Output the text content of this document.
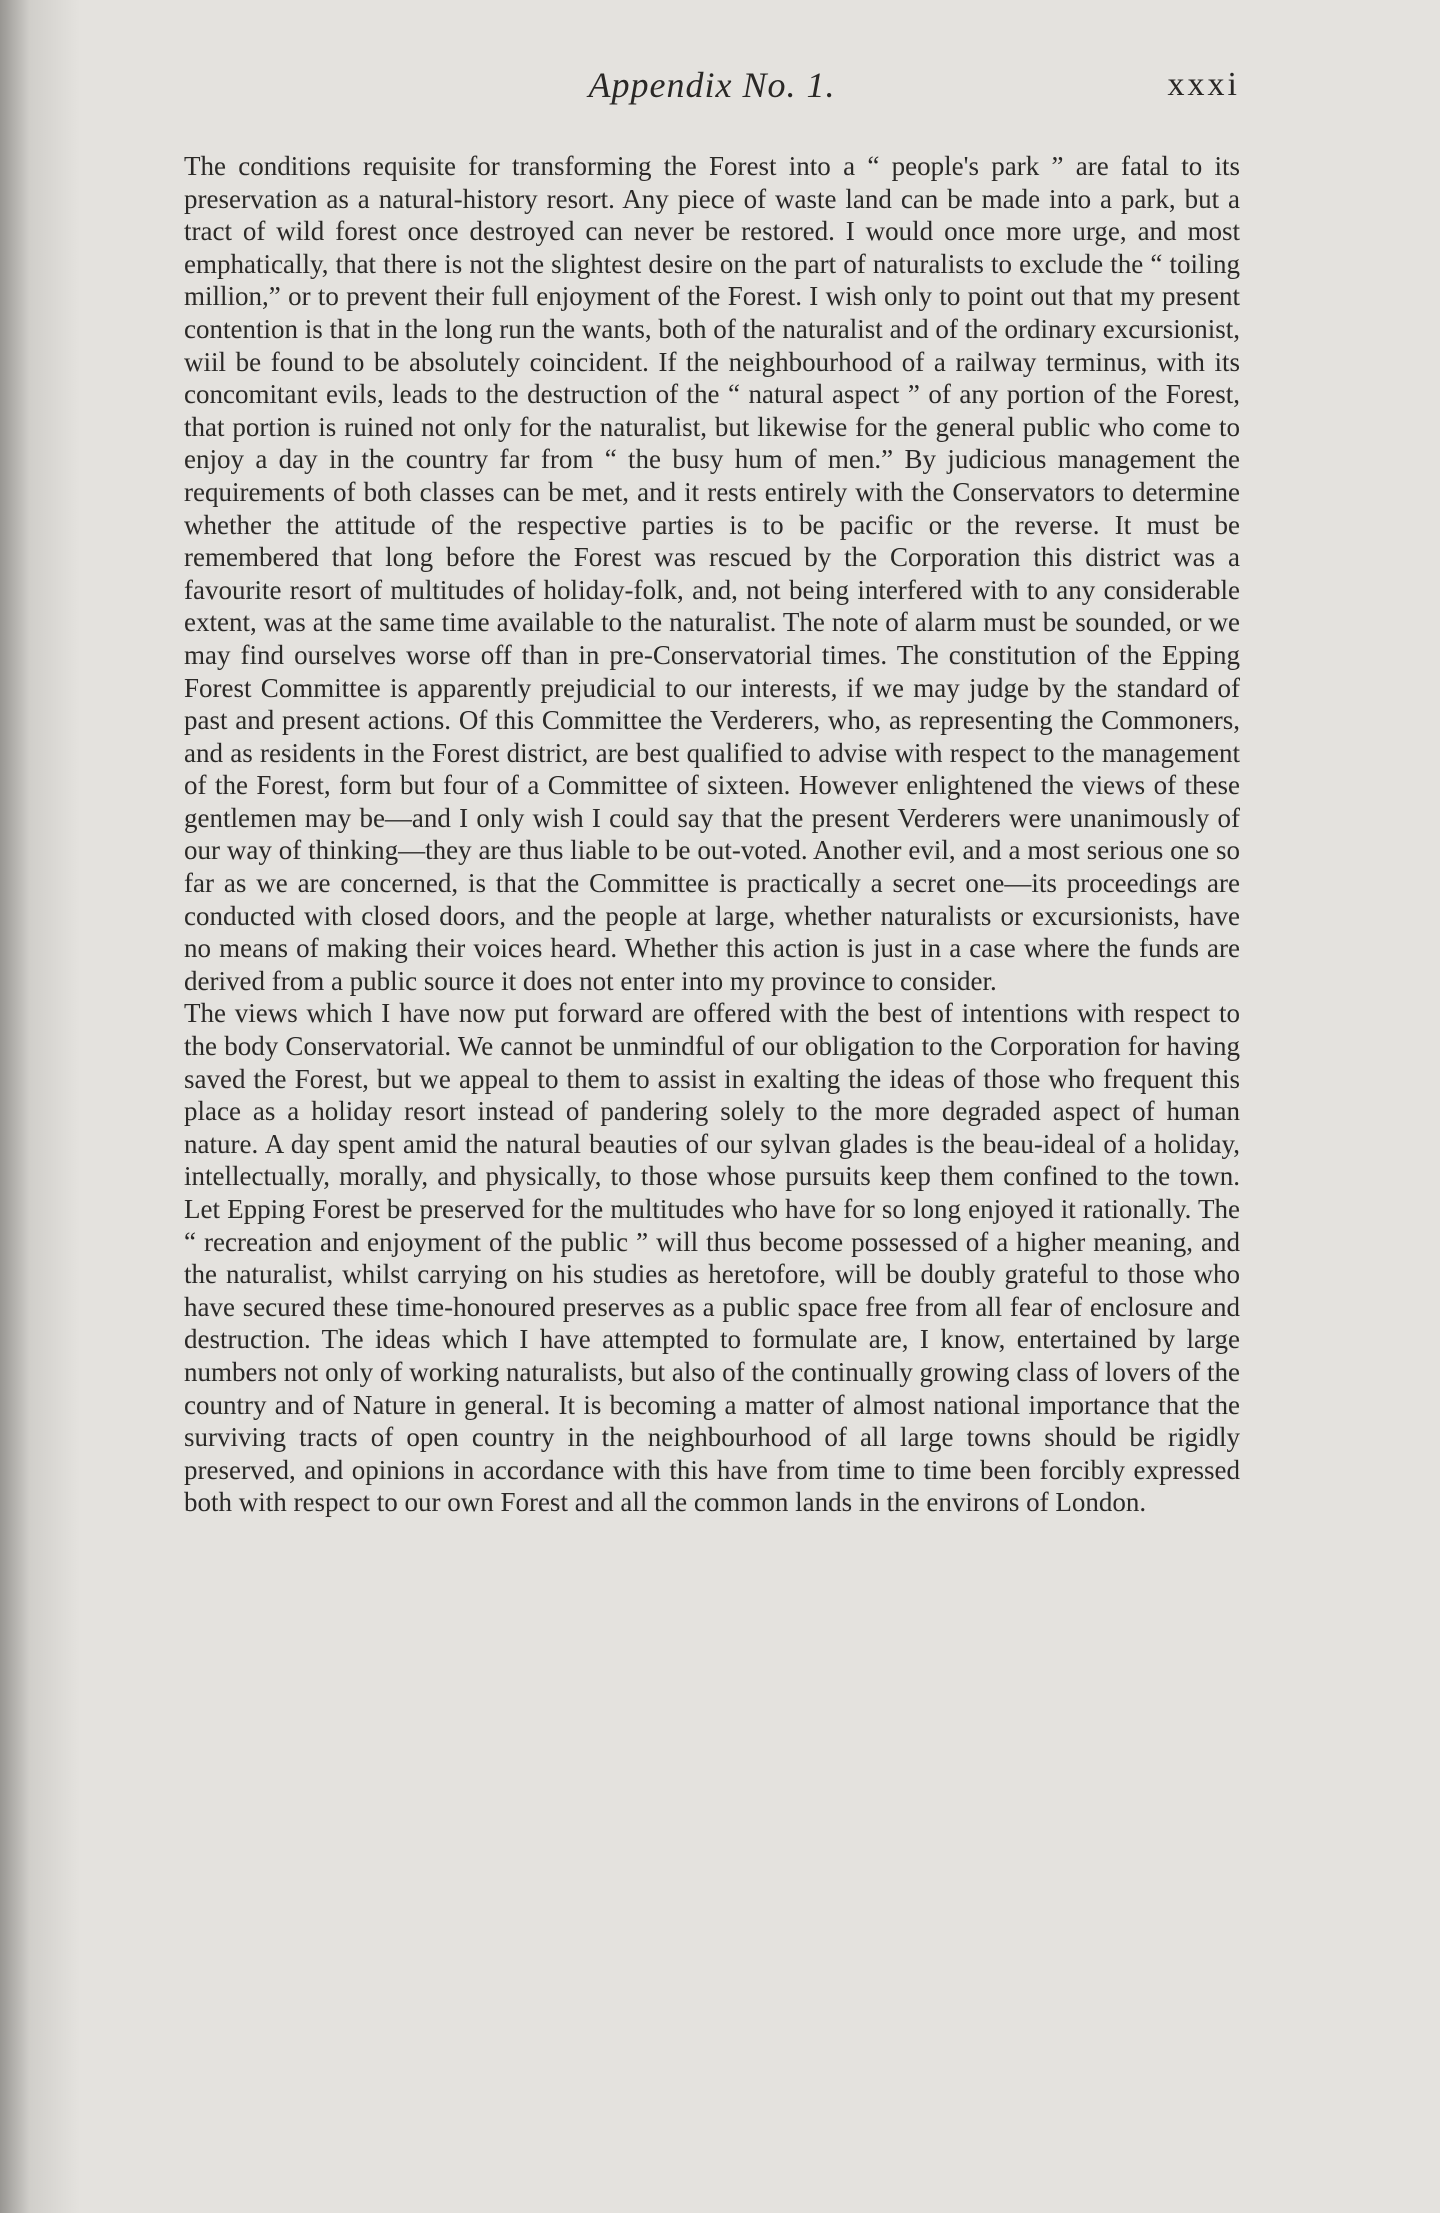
Appendix No. 1.	xxxi

The conditions requisite for transforming the Forest into a “ people's park ” are fatal to its preservation as a natural-history resort. Any piece of waste land can be made into a park, but a tract of wild forest once destroyed can never be restored. I would once more urge, and most emphatically, that there is not the slightest desire on the part of naturalists to exclude the “ toiling million,” or to prevent their full enjoyment of the Forest. I wish only to point out that my present contention is that in the long run the wants, both of the naturalist and of the ordinary excursionist, wiil be found to be absolutely coincident. If the neighbourhood of a railway terminus, with its concomitant evils, leads to the destruction of the “ natural aspect ” of any portion of the Forest, that portion is ruined not only for the naturalist, but likewise for the general public who come to enjoy a day in the country far from “ the busy hum of men.” By judicious management the requirements of both classes can be met, and it rests entirely with the Conservators to determine whether the attitude of the respective parties is to be pacific or the reverse. It must be remembered that long before the Forest was rescued by the Corporation this district was a favourite resort of multitudes of holiday-folk, and, not being interfered with to any considerable extent, was at the same time available to the naturalist. The note of alarm must be sounded, or we may find ourselves worse off than in pre-Conservatorial times. The constitution of the Epping Forest Committee is apparently prejudicial to our interests, if we may judge by the standard of past and present actions. Of this Committee the Verderers, who, as representing the Commoners, and as residents in the Forest district, are best qualified to advise with respect to the management of the Forest, form but four of a Committee of sixteen. However enlightened the views of these gentlemen may be—and I only wish I could say that the present Verderers were unanimously of our way of thinking—they are thus liable to be out-voted. Another evil, and a most serious one so far as we are concerned, is that the Committee is practically a secret one—its proceedings are conducted with closed doors, and the people at large, whether naturalists or excursionists, have no means of making their voices heard. Whether this action is just in a case where the funds are derived from a public source it does not enter into my province to consider.

The views which I have now put forward are offered with the best of intentions with respect to the body Conservatorial. We cannot be unmindful of our obligation to the Corporation for having saved the Forest, but we appeal to them to assist in exalting the ideas of those who frequent this place as a holiday resort instead of pandering solely to the more degraded aspect of human nature. A day spent amid the natural beauties of our sylvan glades is the beau-ideal of a holiday, intellectually, morally, and physically, to those whose pursuits keep them confined to the town. Let Epping Forest be preserved for the multitudes who have for so long enjoyed it rationally. The “ recreation and enjoyment of the public ” will thus become possessed of a higher meaning, and the naturalist, whilst carrying on his studies as heretofore, will be doubly grateful to those who have secured these time-honoured preserves as a public space free from all fear of enclosure and destruction. The ideas which I have attempted to formulate are, I know, entertained by large numbers not only of working naturalists, but also of the continually growing class of lovers of the country and of Nature in general. It is becoming a matter of almost national importance that the surviving tracts of open country in the neighbourhood of all large towns should be rigidly preserved, and opinions in accordance with this have from time to time been forcibly expressed both with respect to our own Forest and all the common lands in the environs of London.
